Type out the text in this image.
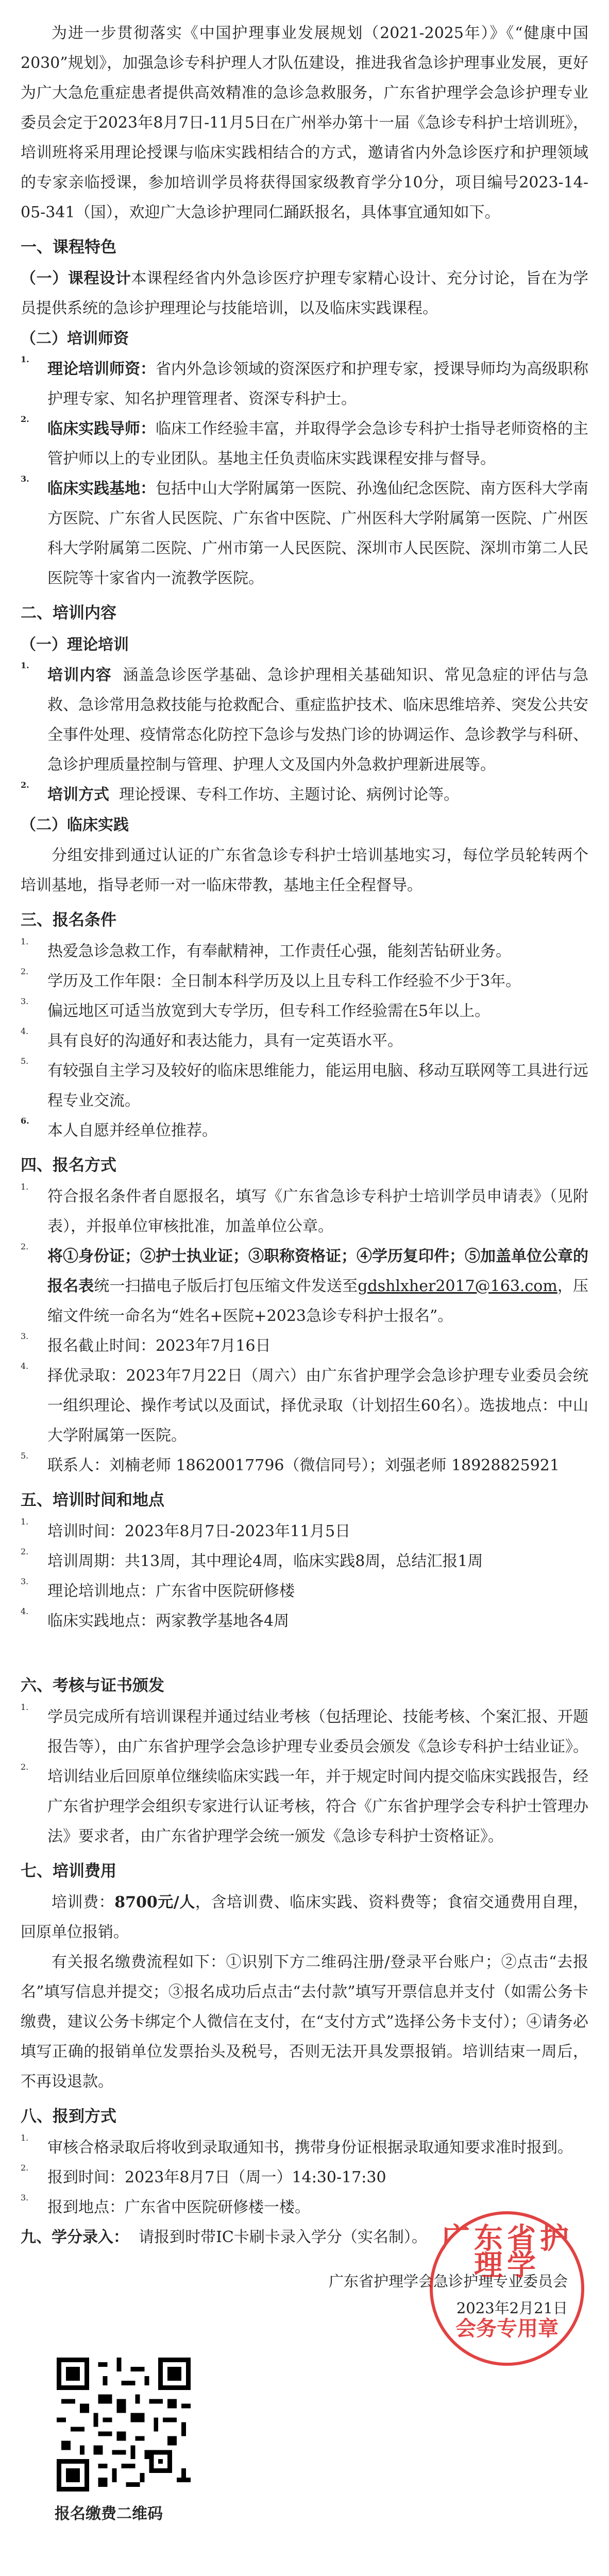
为进一步贯彻落实《中国护理事业发展规划（2021-2025年）》《“健康中国2030”规划》，加强急诊专科护理人才队伍建设，推进我省急诊护理事业发展，更好为广大急危重症患者提供高效精准的急诊急救服务，广东省护理学会急诊护理专业委员会定于2023年8月7日-11月5日在广州举办第十一届《急诊专科护士培训班》，培训班将采用理论授课与临床实践相结合的方式，邀请省内外急诊医疗和护理领域的专家亲临授课，参加培训学员将获得国家级教育学分10分，项目编号2023-14-05-341（国），欢迎广大急诊护理同仁踊跃报名，具体事宜通知如下。

一、课程特色

（一）课程设计本课程经省内外急诊医疗护理专家精心设计、充分讨论，旨在为学员提供系统的急诊护理理论与技能培训，以及临床实践课程。

（二）培训师资
1.

理论培训师资：省内外急诊领域的资深医疗和护理专家，授课导师均为高级职称护理专家、知名护理管理者、资深专科护士。

2.

临床实践导师：临床工作经验丰富，并取得学会急诊专科护士指导老师资格的主管护师以上的专业团队。基地主任负责临床实践课程安排与督导。

3.

临床实践基地：包括中山大学附属第一医院、孙逸仙纪念医院、南方医科大学南方医院、广东省人民医院、广东省中医院、广州医科大学附属第一医院、广州医科大学附属第二医院、广州市第一人民医院、深圳市人民医院、深圳市第二人民医院等十家省内一流教学医院。

二、培训内容
（一）理论培训
1.

培训内容 涵盖急诊医学基础、急诊护理相关基础知识、常见急症的评估与急救、急诊常用急救技能与抢救配合、重症监护技术、临床思维培养、突发公共安全事件处理、疫情常态化防控下急诊与发热门诊的协调运作、急诊教学与科研、急诊护理质量控制与管理、护理人文及国内外急救护理新进展等。

2.

培训方式 理论授课、专科工作坊、主题讨论、病例讨论等。

（二）临床实践

分组安排到通过认证的广东省急诊专科护士培训基地实习，每位学员轮转两个培训基地，指导老师一对一临床带教，基地主任全程督导。

三、报名条件
1.

热爱急诊急救工作，有奉献精神，工作责任心强，能刻苦钻研业务。

2.

学历及工作年限：全日制本科学历及以上且专科工作经验不少于3年。

3.

偏远地区可适当放宽到大专学历，但专科工作经验需在5年以上。

4.

具有良好的沟通好和表达能力，具有一定英语水平。

5.

有较强自主学习及较好的临床思维能力，能运用电脑、移动互联网等工具进行远程专业交流。

6.

本人自愿并经单位推荐。

四、报名方式
1.

符合报名条件者自愿报名，填写《广东省急诊专科护士培训学员申请表》（见附表），并报单位审核批准，加盖单位公章。

2.

将①身份证；②护士执业证；③职称资格证；④学历复印件；⑤加盖单位公章的报名表统一扫描电子版后打包压缩文件发送至gdshlxher2017@163.com，压缩文件统一命名为“姓名+医院+2023急诊专科护士报名”。

3.

报名截止时间：2023年7月16日

4.

择优录取：2023年7月22日（周六）由广东省护理学会急诊护理专业委员会统一组织理论、操作考试以及面试，择优录取（计划招生60名）。选拔地点：中山大学附属第一医院。

5.

联系人：刘楠老师 18620017796（微信同号）；刘强老师 18928825921

五、培训时间和地点
1.

培训时间：2023年8月7日-2023年11月5日

2.

培训周期：共13周，其中理论4周，临床实践8周，总结汇报1周

3.

理论培训地点：广东省中医院研修楼

4.

临床实践地点：两家教学基地各4周

六、考核与证书颁发
1.

学员完成所有培训课程并通过结业考核（包括理论、技能考核、个案汇报、开题报告等），由广东省护理学会急诊护理专业委员会颁发《急诊专科护士结业证》。

2.

培训结业后回原单位继续临床实践一年，并于规定时间内提交临床实践报告，经广东省护理学会组织专家进行认证考核，符合《广东省护理学会专科护士管理办法》要求者，由广东省护理学会统一颁发《急诊专科护士资格证》。

七、培训费用

培训费：8700元/人，含培训费、临床实践、资料费等；食宿交通费用自理，回原单位报销。

有关报名缴费流程如下：①识别下方二维码注册/登录平台账户；②点击“去报名”填写信息并提交；③报名成功后点击“去付款”填写开票信息并支付（如需公务卡缴费，建议公务卡绑定个人微信在支付，在“支付方式”选择公务卡支付）；④请务必填写正确的报销单位发票抬头及税号，否则无法开具发票报销。培训结束一周后，不再设退款。

八、报到方式
1.

审核合格录取后将收到录取通知书，携带身份证根据录取通知要求准时报到。

2.

报到时间：2023年8月7日（周一）14:30-17:30

3.

报到地点：广东省中医院研修楼一楼。

九、学分录入： 请报到时带IC卡刷卡录入学分（实名制）。 广东省护理学
会务专用章
广东省护理学会急诊护理专业委员会
2023年2月21日
报名缴费二维码
